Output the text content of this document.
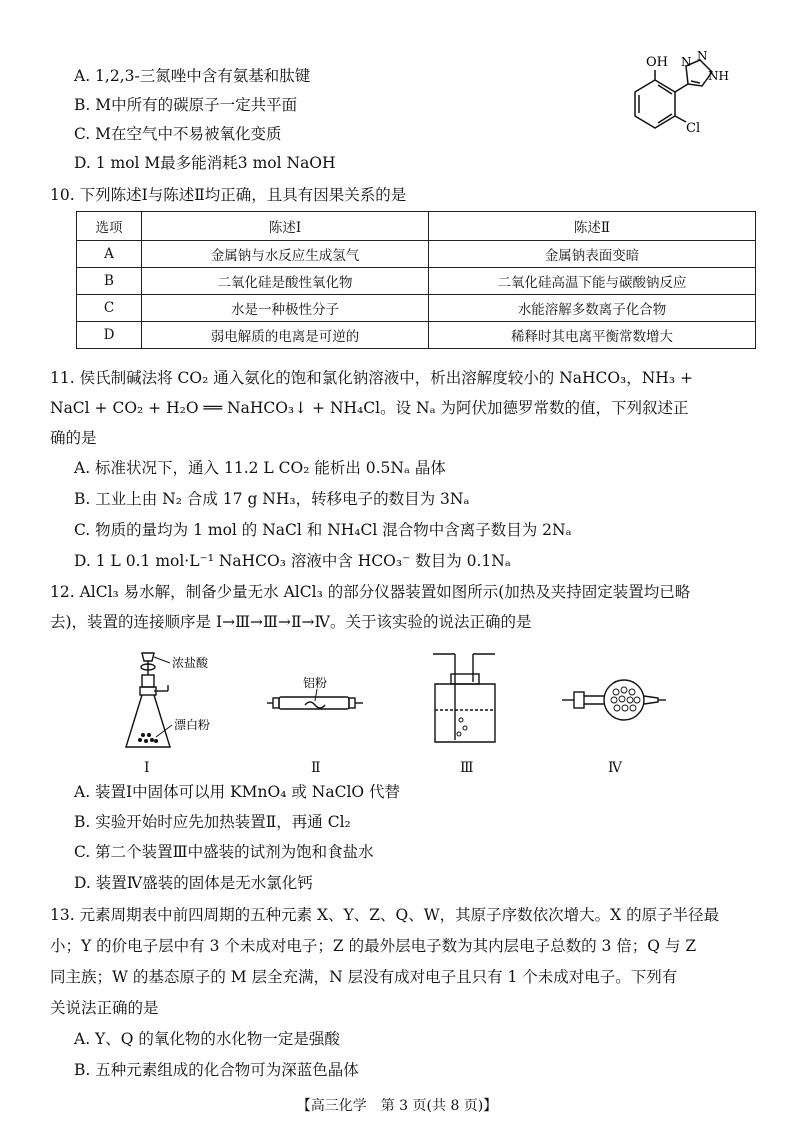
A. 1,2,3-三氮唑中含有氨基和肽键
B. M中所有的碳原子一定共平面
C. M在空气中不易被氧化变质
D. 1 mol M最多能消耗3 mol NaOH
OH N N
NH
Cl
10. 下列陈述Ⅰ与陈述Ⅱ均正确，且具有因果关系的是
选项	陈述Ⅰ	陈述Ⅱ
A	金属钠与水反应生成氢气	金属钠表面变暗
B	二氧化硅是酸性氧化物	二氧化硅高温下能与碳酸钠反应
C	水是一种极性分子	水能溶解多数离子化合物
D	弱电解质的电离是可逆的	稀释时其电离平衡常数增大
11. 侯氏制碱法将 CO₂ 通入氨化的饱和氯化钠溶液中，析出溶解度较小的 NaHCO₃，NH₃ +
NaCl + CO₂ + H₂O ══ NaHCO₃↓ + NH₄Cl。设 Nₐ 为阿伏加德罗常数的值，下列叙述正
确的是
A. 标准状况下，通入 11.2 L CO₂ 能析出 0.5Nₐ 晶体
B. 工业上由 N₂ 合成 17 g NH₃，转移电子的数目为 3Nₐ
C. 物质的量均为 1 mol 的 NaCl 和 NH₄Cl 混合物中含离子数目为 2Nₐ
D. 1 L 0.1 mol·L⁻¹ NaHCO₃ 溶液中含 HCO₃⁻ 数目为 0.1Nₐ
12. AlCl₃ 易水解，制备少量无水 AlCl₃ 的部分仪器装置如图所示(加热及夹持固定装置均已略
去)，装置的连接顺序是 Ⅰ→Ⅲ→Ⅲ→Ⅱ→Ⅳ。关于该实验的说法正确的是
浓盐酸
漂白粉
Ⅰ
铝粉
Ⅱ	Ⅲ	Ⅳ
A. 装置Ⅰ中固体可以用 KMnO₄ 或 NaClO 代替
B. 实验开始时应先加热装置Ⅱ，再通 Cl₂
C. 第二个装置Ⅲ中盛装的试剂为饱和食盐水
D. 装置Ⅳ盛装的固体是无水氯化钙
13. 元素周期表中前四周期的五种元素 X、Y、Z、Q、W，其原子序数依次增大。X 的原子半径最
小；Y 的价电子层中有 3 个未成对电子；Z 的最外层电子数为其内层电子总数的 3 倍；Q 与 Z
同主族；W 的基态原子的 M 层全充满，N 层没有成对电子且只有 1 个未成对电子。下列有
关说法正确的是
A. Y、Q 的氧化物的水化物一定是强酸
B. 五种元素组成的化合物可为深蓝色晶体
【高三化学　第 3 页(共 8 页)】
